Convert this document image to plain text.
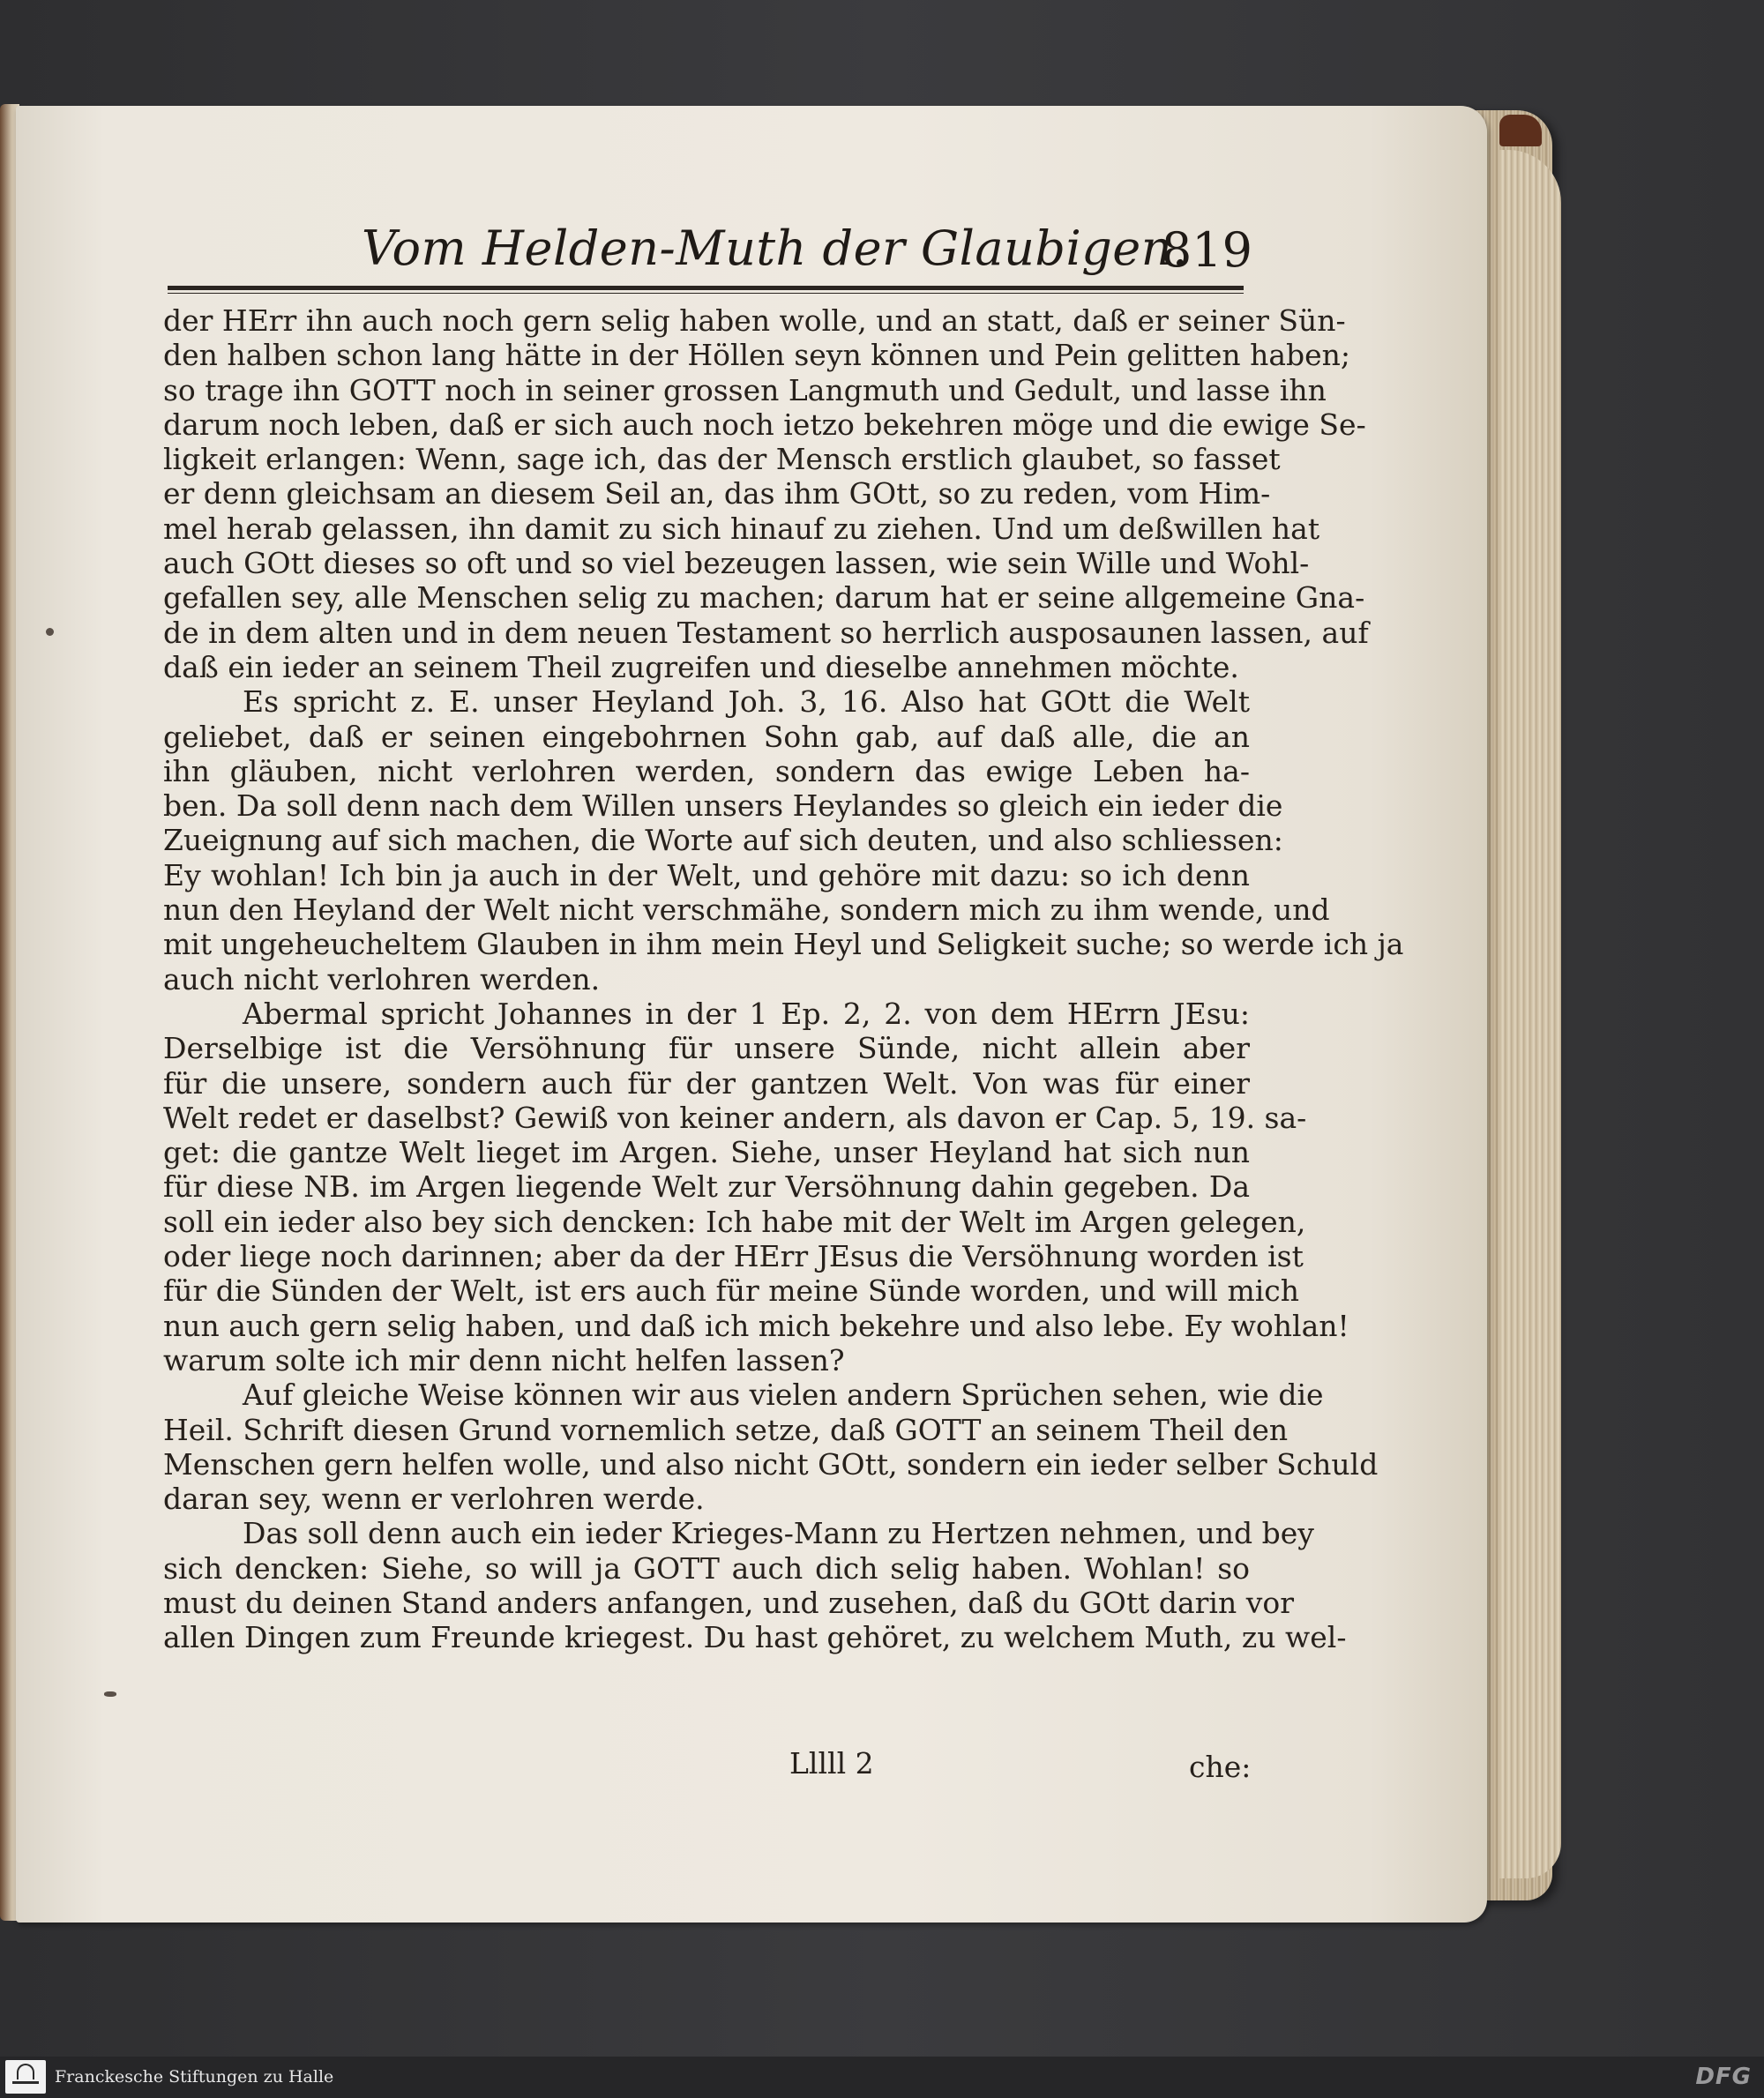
Vom Helden-Muth der Glaubigen.
819
der HErr ihn auch noch gern selig haben wolle, und an statt, daß er seiner Sün-
den halben schon lang hätte in der Höllen seyn können und Pein gelitten haben;
so trage ihn GOTT noch in seiner grossen Langmuth und Gedult, und lasse ihn
darum noch leben, daß er sich auch noch ietzo bekehren möge und die ewige Se-
ligkeit erlangen: Wenn, sage ich, das der Mensch erstlich glaubet, so fasset
er denn gleichsam an diesem Seil an, das ihm GOtt, so zu reden, vom Him-
mel herab gelassen, ihn damit zu sich hinauf zu ziehen. Und um deßwillen hat
auch GOtt dieses so oft und so viel bezeugen lassen, wie sein Wille und Wohl-
gefallen sey, alle Menschen selig zu machen; darum hat er seine allgemeine Gna-
de in dem alten und in dem neuen Testament so herrlich ausposaunen lassen, auf
daß ein ieder an seinem Theil zugreifen und dieselbe annehmen möchte.
Es spricht z. E. unser Heyland Joh. 3, 16. Also hat GOtt die Welt
geliebet, daß er seinen eingebohrnen Sohn gab, auf daß alle, die an
ihn gläuben, nicht verlohren werden, sondern das ewige Leben ha-
ben. Da soll denn nach dem Willen unsers Heylandes so gleich ein ieder die
Zueignung auf sich machen, die Worte auf sich deuten, und also schliessen:
Ey wohlan! Ich bin ja auch in der Welt, und gehöre mit dazu: so ich denn
nun den Heyland der Welt nicht verschmähe, sondern mich zu ihm wende, und
mit ungeheucheltem Glauben in ihm mein Heyl und Seligkeit suche; so werde ich ja
auch nicht verlohren werden.
Abermal spricht Johannes in der 1 Ep. 2, 2. von dem HErrn JEsu:
Derselbige ist die Versöhnung für unsere Sünde, nicht allein aber
für die unsere, sondern auch für der gantzen Welt. Von was für einer
Welt redet er daselbst? Gewiß von keiner andern, als davon er Cap. 5, 19. sa-
get: die gantze Welt lieget im Argen. Siehe, unser Heyland hat sich nun
für diese NB. im Argen liegende Welt zur Versöhnung dahin gegeben. Da
soll ein ieder also bey sich dencken: Ich habe mit der Welt im Argen gelegen,
oder liege noch darinnen; aber da der HErr JEsus die Versöhnung worden ist
für die Sünden der Welt, ist ers auch für meine Sünde worden, und will mich
nun auch gern selig haben, und daß ich mich bekehre und also lebe. Ey wohlan!
warum solte ich mir denn nicht helfen lassen?
Auf gleiche Weise können wir aus vielen andern Sprüchen sehen, wie die
Heil. Schrift diesen Grund vornemlich setze, daß GOTT an seinem Theil den
Menschen gern helfen wolle, und also nicht GOtt, sondern ein ieder selber Schuld
daran sey, wenn er verlohren werde.
Das soll denn auch ein ieder Krieges-Mann zu Hertzen nehmen, und bey
sich dencken: Siehe, so will ja GOTT auch dich selig haben. Wohlan! so
must du deinen Stand anders anfangen, und zusehen, daß du GOtt darin vor
allen Dingen zum Freunde kriegest. Du hast gehöret, zu welchem Muth, zu wel-
Lllll 2	che:
Franckesche Stiftungen zu Halle	DFG
